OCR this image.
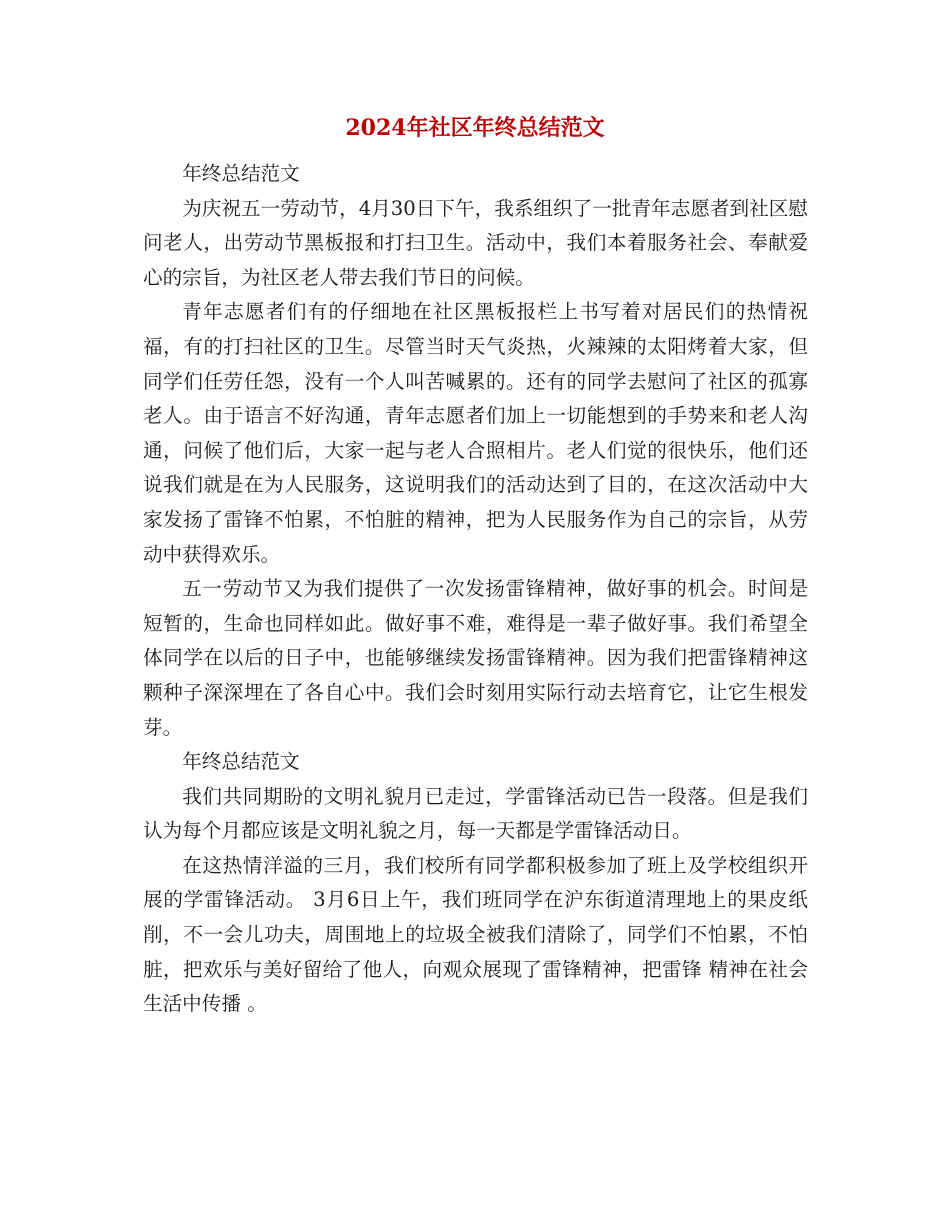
2024年社区年终总结范文

年终总结范文

为庆祝五一劳动节，4月30日下午，我系组织了一批青年志愿者到社区慰问老人，出劳动节黑板报和打扫卫生。活动中，我们本着服务社会、奉献爱心的宗旨，为社区老人带去我们节日的问候。

青年志愿者们有的仔细地在社区黑板报栏上书写着对居民们的热情祝福，有的打扫社区的卫生。尽管当时天气炎热，火辣辣的太阳烤着大家，但同学们任劳任怨，没有一个人叫苦喊累的。还有的同学去慰问了社区的孤寡老人。由于语言不好沟通，青年志愿者们加上一切能想到的手势来和老人沟通，问候了他们后，大家一起与老人合照相片。老人们觉的很快乐，他们还说我们就是在为人民服务，这说明我们的活动达到了目的，在这次活动中大家发扬了雷锋不怕累，不怕脏的精神，把为人民服务作为自己的宗旨，从劳动中获得欢乐。

五一劳动节又为我们提供了一次发扬雷锋精神，做好事的机会。时间是短暂的，生命也同样如此。做好事不难，难得是一辈子做好事。我们希望全体同学在以后的日子中，也能够继续发扬雷锋精神。因为我们把雷锋精神这颗种子深深埋在了各自心中。我们会时刻用实际行动去培育它，让它生根发芽。

年终总结范文

我们共同期盼的文明礼貌月已走过，学雷锋活动已告一段落。但是我们认为每个月都应该是文明礼貌之月，每一天都是学雷锋活动日。

在这热情洋溢的三月，我们校所有同学都积极参加了班上及学校组织开展的学雷锋活动。 3月6日上午，我们班同学在沪东街道清理地上的果皮纸削，不一会儿功夫，周围地上的垃圾全被我们清除了，同学们不怕累，不怕脏，把欢乐与美好留给了他人，向观众展现了雷锋精神，把雷锋 精神在社会生活中传播 。
